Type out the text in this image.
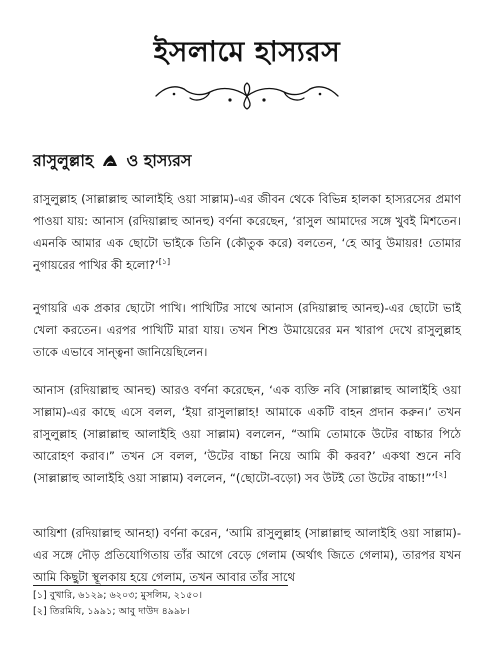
ইসলামে হাস্যরস
রাসুলুল্লাহ ও হাস্যরস

রাসুলুল্লাহ (সাল্লাল্লাহু আলাইহি ওয়া সাল্লাম)-এর জীবন থেকে বিভিন্ন হালকা হাস্যরসের প্রমাণ পাওয়া যায়: আনাস (রদিয়াল্লাহু আনহু) বর্ণনা করেছেন, ‘রাসুল আমাদের সঙ্গে খুবই মিশতেন। এমনকি আমার এক ছোটো ভাইকে তিনি (কৌতুক করে) বলতেন, ‘হে আবু উমায়র! তোমার নুগায়রের পাখির কী হলো?’[১]

নুগায়রি এক প্রকার ছোটো পাখি। পাখিটির সাথে আনাস (রদিয়াল্লাহু আনহু)-এর ছোটো ভাই খেলা করতেন। এরপর পাখিটি মারা যায়। তখন শিশু উমায়েরের মন খারাপ দেখে রাসুলুল্লাহ তাকে এভাবে সান্ত্বনা জানিয়েছিলেন।

আনাস (রদিয়াল্লাহু আনহু) আরও বর্ণনা করেছেন, ‘এক ব্যক্তি নবি (সাল্লাল্লাহু আলাইহি ওয়া সাল্লাম)-এর কাছে এসে বলল, ‘ইয়া রাসুলাল্লাহ! আমাকে একটি বাহন প্রদান করুন।’ তখন রাসুলুল্লাহ (সাল্লাল্লাহু আলাইহি ওয়া সাল্লাম) বললেন, “আমি তোমাকে উটের বাচ্চার পিঠে আরোহণ করাব।” তখন সে বলল, ‘উটের বাচ্চা নিয়ে আমি কী করব?’ একথা শুনে নবি (সাল্লাল্লাহু আলাইহি ওয়া সাল্লাম) বললেন, “(ছোটো-বড়ো) সব উটই তো উটের বাচ্চা!”’[২]

আয়িশা (রদিয়াল্লাহু আনহা) বর্ণনা করেন, ‘আমি রাসুলুল্লাহ (সাল্লাল্লাহু আলাইহি ওয়া সাল্লাম)-এর সঙ্গে দৌড় প্রতিযোগিতায় তাঁর আগে বেড়ে গেলাম (অর্থাৎ জিতে গেলাম), তারপর যখন আমি কিছুটা স্থূলকায় হয়ে গেলাম, তখন আবার তাঁর সাথে

[১] বুখারি, ৬১২৯; ৬২০৩; মুসলিম, ২১৫০।
[২] তিরমিযি, ১৯৯১; আবু দাউদ ৪৯৯৮।
